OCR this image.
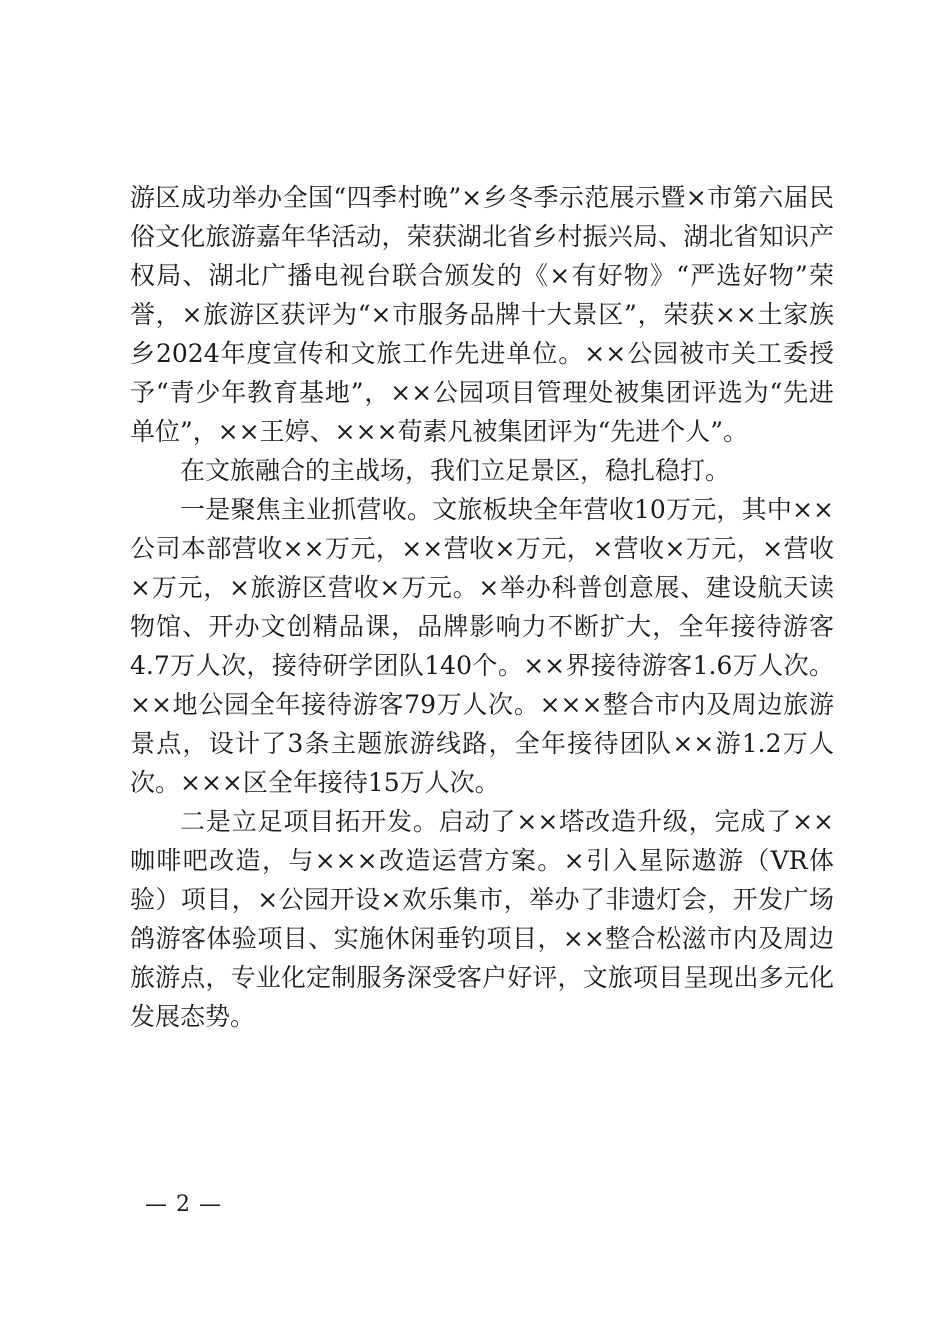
游区成功举办全国“四季村晚”×乡冬季示范展示暨×市第六届民俗文化旅游嘉年华活动，荣获湖北省乡村振兴局、湖北省知识产权局、湖北广播电视台联合颁发的《×有好物》“严选好物”荣誉，×旅游区获评为“×市服务品牌十大景区”，荣获××土家族乡2024年度宣传和文旅工作先进单位。××公园被市关工委授予“青少年教育基地”，××公园项目管理处被集团评选为“先进单位”，××王婷、×××荀素凡被集团评为“先进个人”。

在文旅融合的主战场，我们立足景区，稳扎稳打。

一是聚焦主业抓营收。文旅板块全年营收10万元，其中××公司本部营收××万元，××营收×万元，×营收×万元，×营收×万元，×旅游区营收×万元。×举办科普创意展、建设航天读物馆、开办文创精品课，品牌影响力不断扩大，全年接待游客4.7万人次，接待研学团队140个。××界接待游客1.6万人次。××地公园全年接待游客79万人次。×××整合市内及周边旅游景点，设计了3条主题旅游线路，全年接待团队××游1.2万人次。×××区全年接待15万人次。

二是立足项目拓开发。启动了××塔改造升级，完成了××咖啡吧改造，与×××改造运营方案。×引入星际遨游（VR体验）项目，×公园开设×欢乐集市，举办了非遗灯会，开发广场鸽游客体验项目、实施休闲垂钓项目，××整合松滋市内及周边旅游点，专业化定制服务深受客户好评，文旅项目呈现出多元化发展态势。

— 2 —
